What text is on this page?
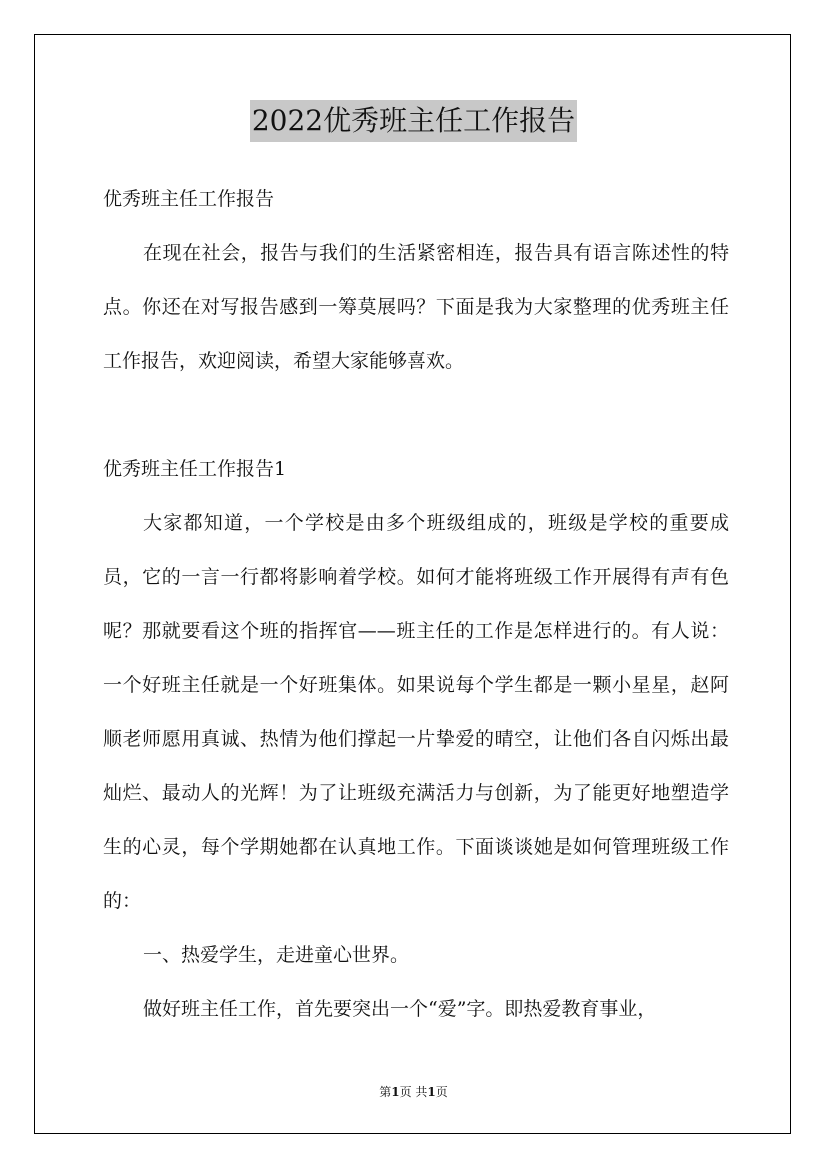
2022优秀班主任工作报告

优秀班主任工作报告

在现在社会，报告与我们的生活紧密相连，报告具有语言陈述性的特点。你还在对写报告感到一筹莫展吗？下面是我为大家整理的优秀班主任工作报告，欢迎阅读，希望大家能够喜欢。

优秀班主任工作报告1

大家都知道，一个学校是由多个班级组成的，班级是学校的重要成员，它的一言一行都将影响着学校。如何才能将班级工作开展得有声有色呢？那就要看这个班的指挥官——班主任的工作是怎样进行的。有人说：一个好班主任就是一个好班集体。如果说每个学生都是一颗小星星，赵阿顺老师愿用真诚、热情为他们撑起一片挚爱的晴空，让他们各自闪烁出最灿烂、最动人的光辉！为了让班级充满活力与创新，为了能更好地塑造学生的心灵，每个学期她都在认真地工作。下面谈谈她是如何管理班级工作的：

一、热爱学生，走进童心世界。

做好班主任工作，首先要突出一个“爱”字。即热爱教育事业，

第1页 共1页
